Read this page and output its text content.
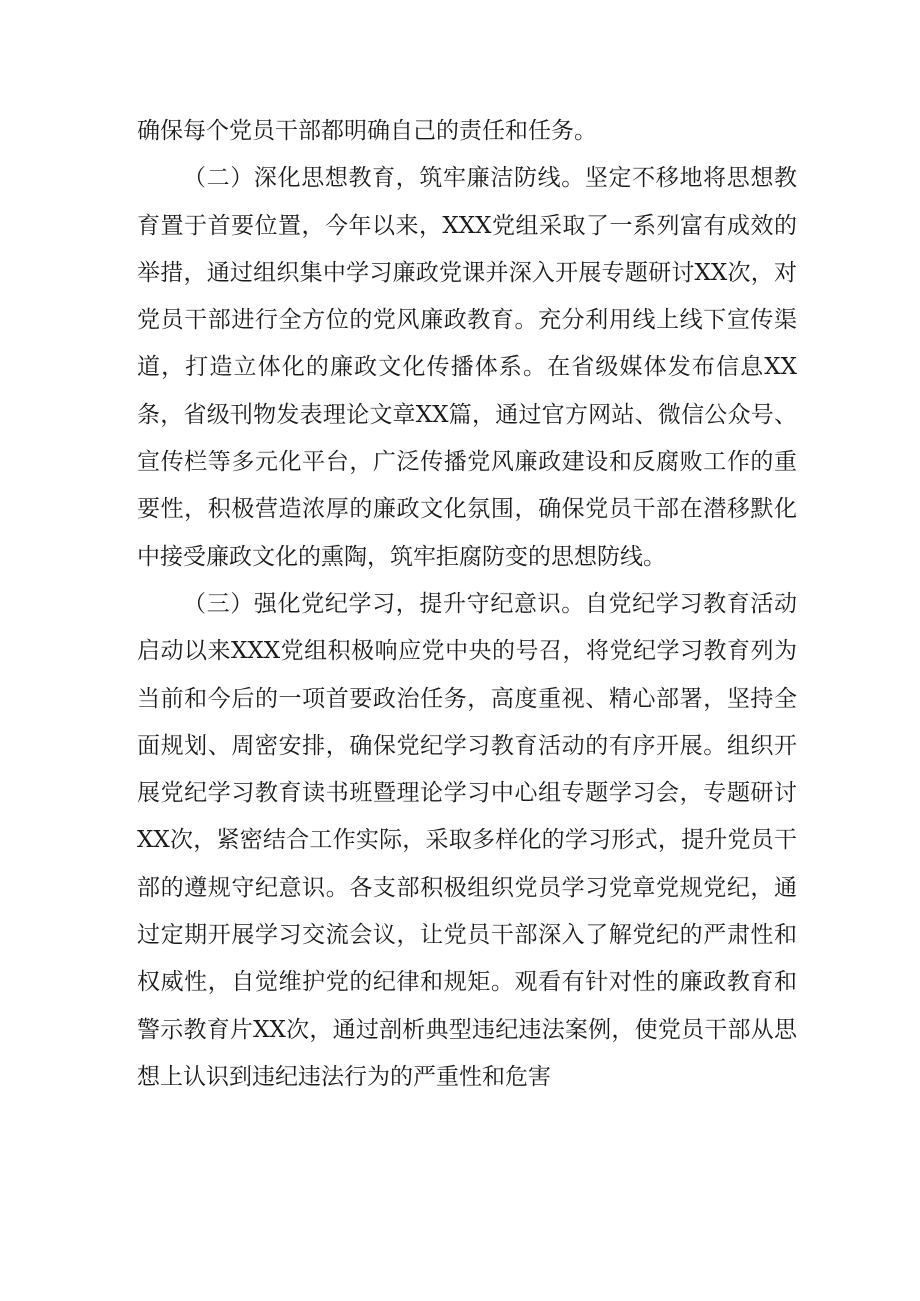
确保每个党员干部都明确自己的责任和任务。

（二）深化思想教育，筑牢廉洁防线。坚定不移地将思想教育置于首要位置，今年以来，XXX党组采取了一系列富有成效的举措，通过组织集中学习廉政党课并深入开展专题研讨XX次，对党员干部进行全方位的党风廉政教育。充分利用线上线下宣传渠道，打造立体化的廉政文化传播体系。在省级媒体发布信息XX条，省级刊物发表理论文章XX篇，通过官方网站、微信公众号、宣传栏等多元化平台，广泛传播党风廉政建设和反腐败工作的重要性，积极营造浓厚的廉政文化氛围，确保党员干部在潜移默化中接受廉政文化的熏陶，筑牢拒腐防变的思想防线。

（三）强化党纪学习，提升守纪意识。自党纪学习教育活动启动以来XXX党组积极响应党中央的号召，将党纪学习教育列为当前和今后的一项首要政治任务，高度重视、精心部署，坚持全面规划、周密安排，确保党纪学习教育活动的有序开展。组织开展党纪学习教育读书班暨理论学习中心组专题学习会，专题研讨XX次，紧密结合工作实际，采取多样化的学习形式，提升党员干部的遵规守纪意识。各支部积极组织党员学习党章党规党纪，通过定期开展学习交流会议，让党员干部深入了解党纪的严肃性和权威性，自觉维护党的纪律和规矩。观看有针对性的廉政教育和警示教育片XX次，通过剖析典型违纪违法案例，使党员干部从思想上认识到违纪违法行为的严重性和危害
